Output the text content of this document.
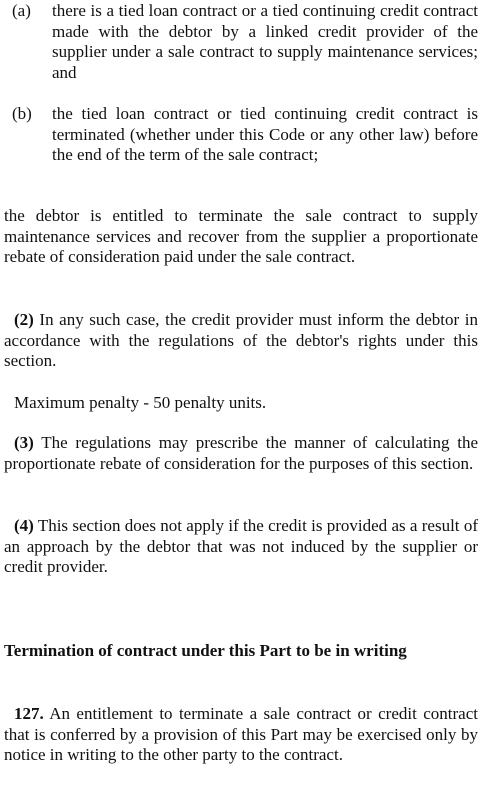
(a) there is a tied loan contract or a tied continuing credit contract made with the debtor by a linked credit provider of the supplier under a sale contract to supply maintenance services; and
(b) the tied loan contract or tied continuing credit contract is terminated (whether under this Code or any other law) before the end of the term of the sale contract;

the debtor is entitled to terminate the sale contract to supply maintenance services and recover from the supplier a proportionate rebate of consideration paid under the sale contract.

(2) In any such case, the credit provider must inform the debtor in accordance with the regulations of the debtor's rights under this section.

Maximum penalty - 50 penalty units.

(3) The regulations may prescribe the manner of calculating the proportionate rebate of consideration for the purposes of this section.

(4) This section does not apply if the credit is provided as a result of an approach by the debtor that was not induced by the supplier or credit provider.

Termination of contract under this Part to be in writing

127. An entitlement to terminate a sale contract or credit contract that is conferred by a provision of this Part may be exercised only by notice in writing to the other party to the contract.
